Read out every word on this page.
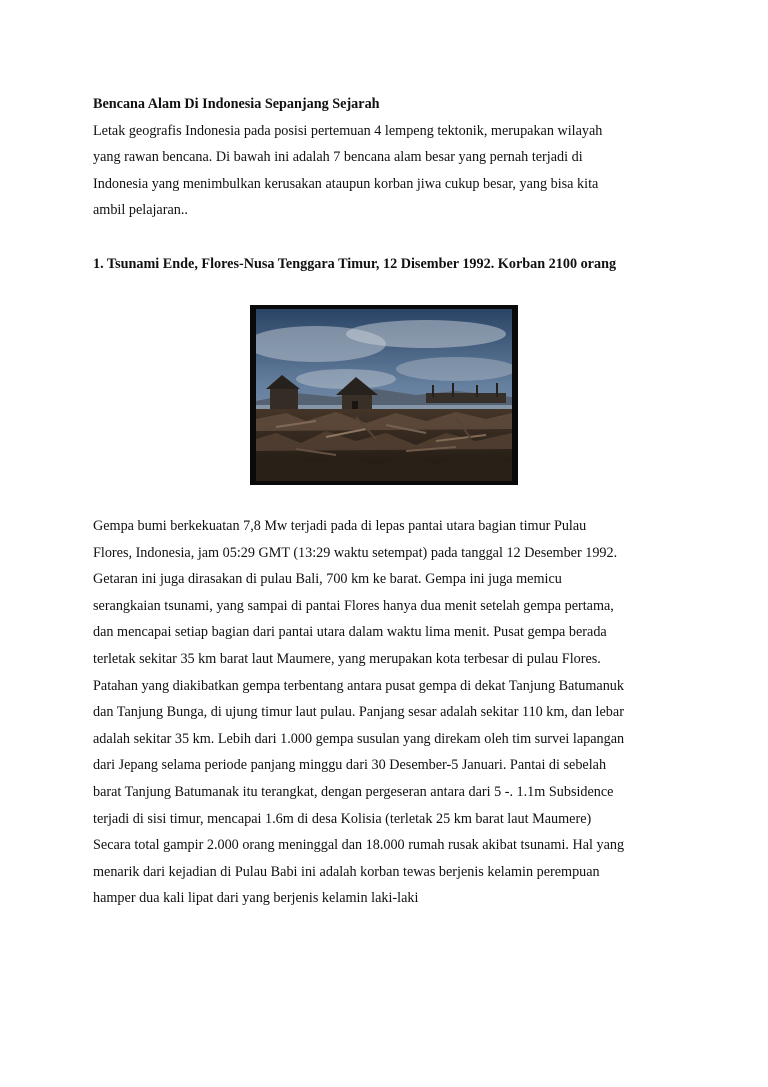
Bencana Alam Di Indonesia Sepanjang Sejarah

Letak geografis Indonesia pada posisi pertemuan 4 lempeng tektonik, merupakan wilayah

yang rawan bencana. Di bawah ini adalah 7 bencana alam besar yang pernah terjadi di

Indonesia yang menimbulkan kerusakan ataupun korban jiwa cukup besar, yang bisa kita

ambil pelajaran..

1. Tsunami Ende, Flores-Nusa Tenggara Timur, 12 Disember 1992. Korban 2100 orang

Gempa bumi berkekuatan 7,8 Mw terjadi pada di lepas pantai utara bagian timur Pulau

Flores, Indonesia, jam 05:29 GMT (13:29 waktu setempat) pada tanggal 12 Desember 1992.

Getaran ini juga dirasakan di pulau Bali, 700 km ke barat. Gempa ini juga memicu

serangkaian tsunami, yang sampai di pantai Flores hanya dua menit setelah gempa pertama,

dan mencapai setiap bagian dari pantai utara dalam waktu lima menit. Pusat gempa berada

terletak sekitar 35 km barat laut Maumere, yang merupakan kota terbesar di pulau Flores.

Patahan yang diakibatkan gempa terbentang antara pusat gempa di dekat Tanjung Batumanuk

dan Tanjung Bunga, di ujung timur laut pulau. Panjang sesar adalah sekitar 110 km, dan lebar

adalah sekitar 35 km. Lebih dari 1.000 gempa susulan yang direkam oleh tim survei lapangan

dari Jepang selama periode panjang minggu dari 30 Desember-5 Januari. Pantai di sebelah

barat Tanjung Batumanak itu terangkat, dengan pergeseran antara dari 5 -. 1.1m Subsidence

terjadi di sisi timur, mencapai 1.6m di desa Kolisia (terletak 25 km barat laut Maumere)

Secara total gampir 2.000 orang meninggal dan 18.000 rumah rusak akibat tsunami. Hal yang

menarik dari kejadian di Pulau Babi ini adalah korban tewas berjenis kelamin perempuan

hamper dua kali lipat dari yang berjenis kelamin laki-laki
